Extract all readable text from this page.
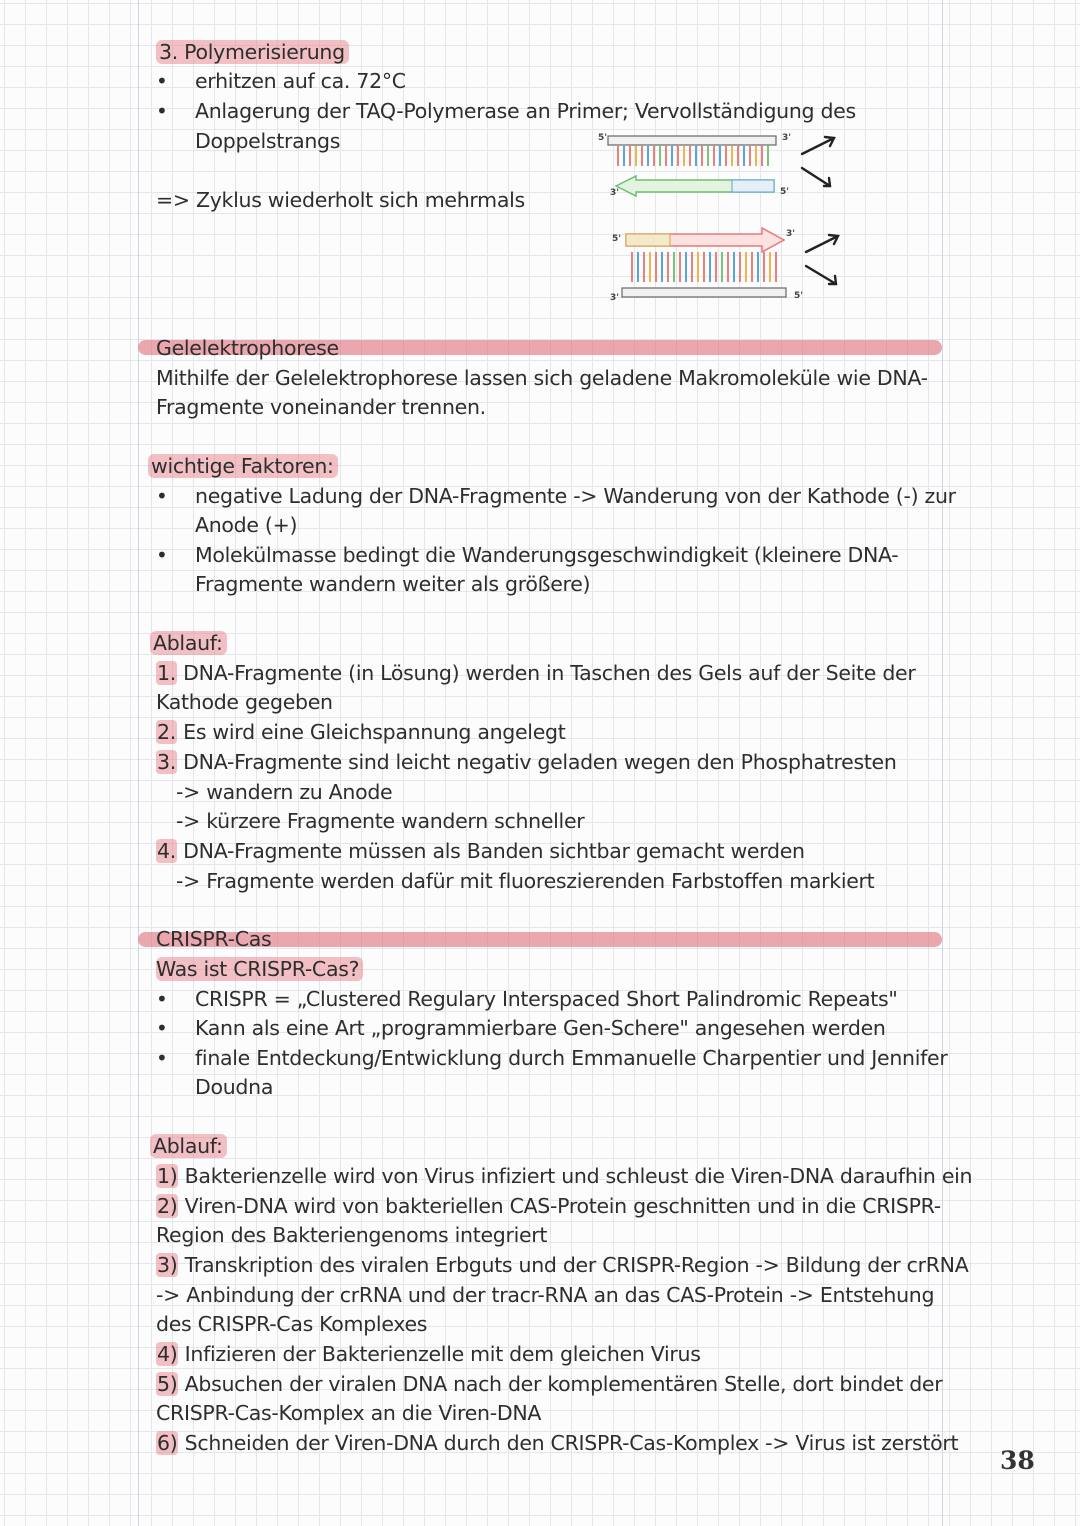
3. Polymerisierung
• erhitzen auf ca. 72°C
• Anlagerung der TAQ-Polymerase an Primer; Vervollständigung des
Doppelstrangs
=> Zyklus wiederholt sich mehrmals
5'	3'
3'	5'
5'	3'
3'	5'
Gelelektrophorese
Mithilfe der Gelelektrophorese lassen sich geladene Makromoleküle wie DNA-
Fragmente voneinander trennen.
wichtige Faktoren:
• negative Ladung der DNA-Fragmente -> Wanderung von der Kathode (-) zur
Anode (+)
• Molekülmasse bedingt die Wanderungsgeschwindigkeit (kleinere DNA-
Fragmente wandern weiter als größere)
Ablauf:
1. DNA-Fragmente (in Lösung) werden in Taschen des Gels auf der Seite der
Kathode gegeben
2. Es wird eine Gleichspannung angelegt
3. DNA-Fragmente sind leicht negativ geladen wegen den Phosphatresten
-> wandern zu Anode
-> kürzere Fragmente wandern schneller
4. DNA-Fragmente müssen als Banden sichtbar gemacht werden
-> Fragmente werden dafür mit fluoreszierenden Farbstoffen markiert
CRISPR-Cas
Was ist CRISPR-Cas?
• CRISPR = „Clustered Regulary Interspaced Short Palindromic Repeats"
• Kann als eine Art „programmierbare Gen-Schere" angesehen werden
• finale Entdeckung/Entwicklung durch Emmanuelle Charpentier und Jennifer
Doudna
Ablauf:
1) Bakterienzelle wird von Virus infiziert und schleust die Viren-DNA daraufhin ein
2) Viren-DNA wird von bakteriellen CAS-Protein geschnitten und in die CRISPR-
Region des Bakteriengenoms integriert
3) Transkription des viralen Erbguts und der CRISPR-Region -> Bildung der crRNA
-> Anbindung der crRNA und der tracr-RNA an das CAS-Protein -> Entstehung
des CRISPR-Cas Komplexes
4) Infizieren der Bakterienzelle mit dem gleichen Virus
5) Absuchen der viralen DNA nach der komplementären Stelle, dort bindet der
CRISPR-Cas-Komplex an die Viren-DNA
6) Schneiden der Viren-DNA durch den CRISPR-Cas-Komplex -> Virus ist zerstört
38
